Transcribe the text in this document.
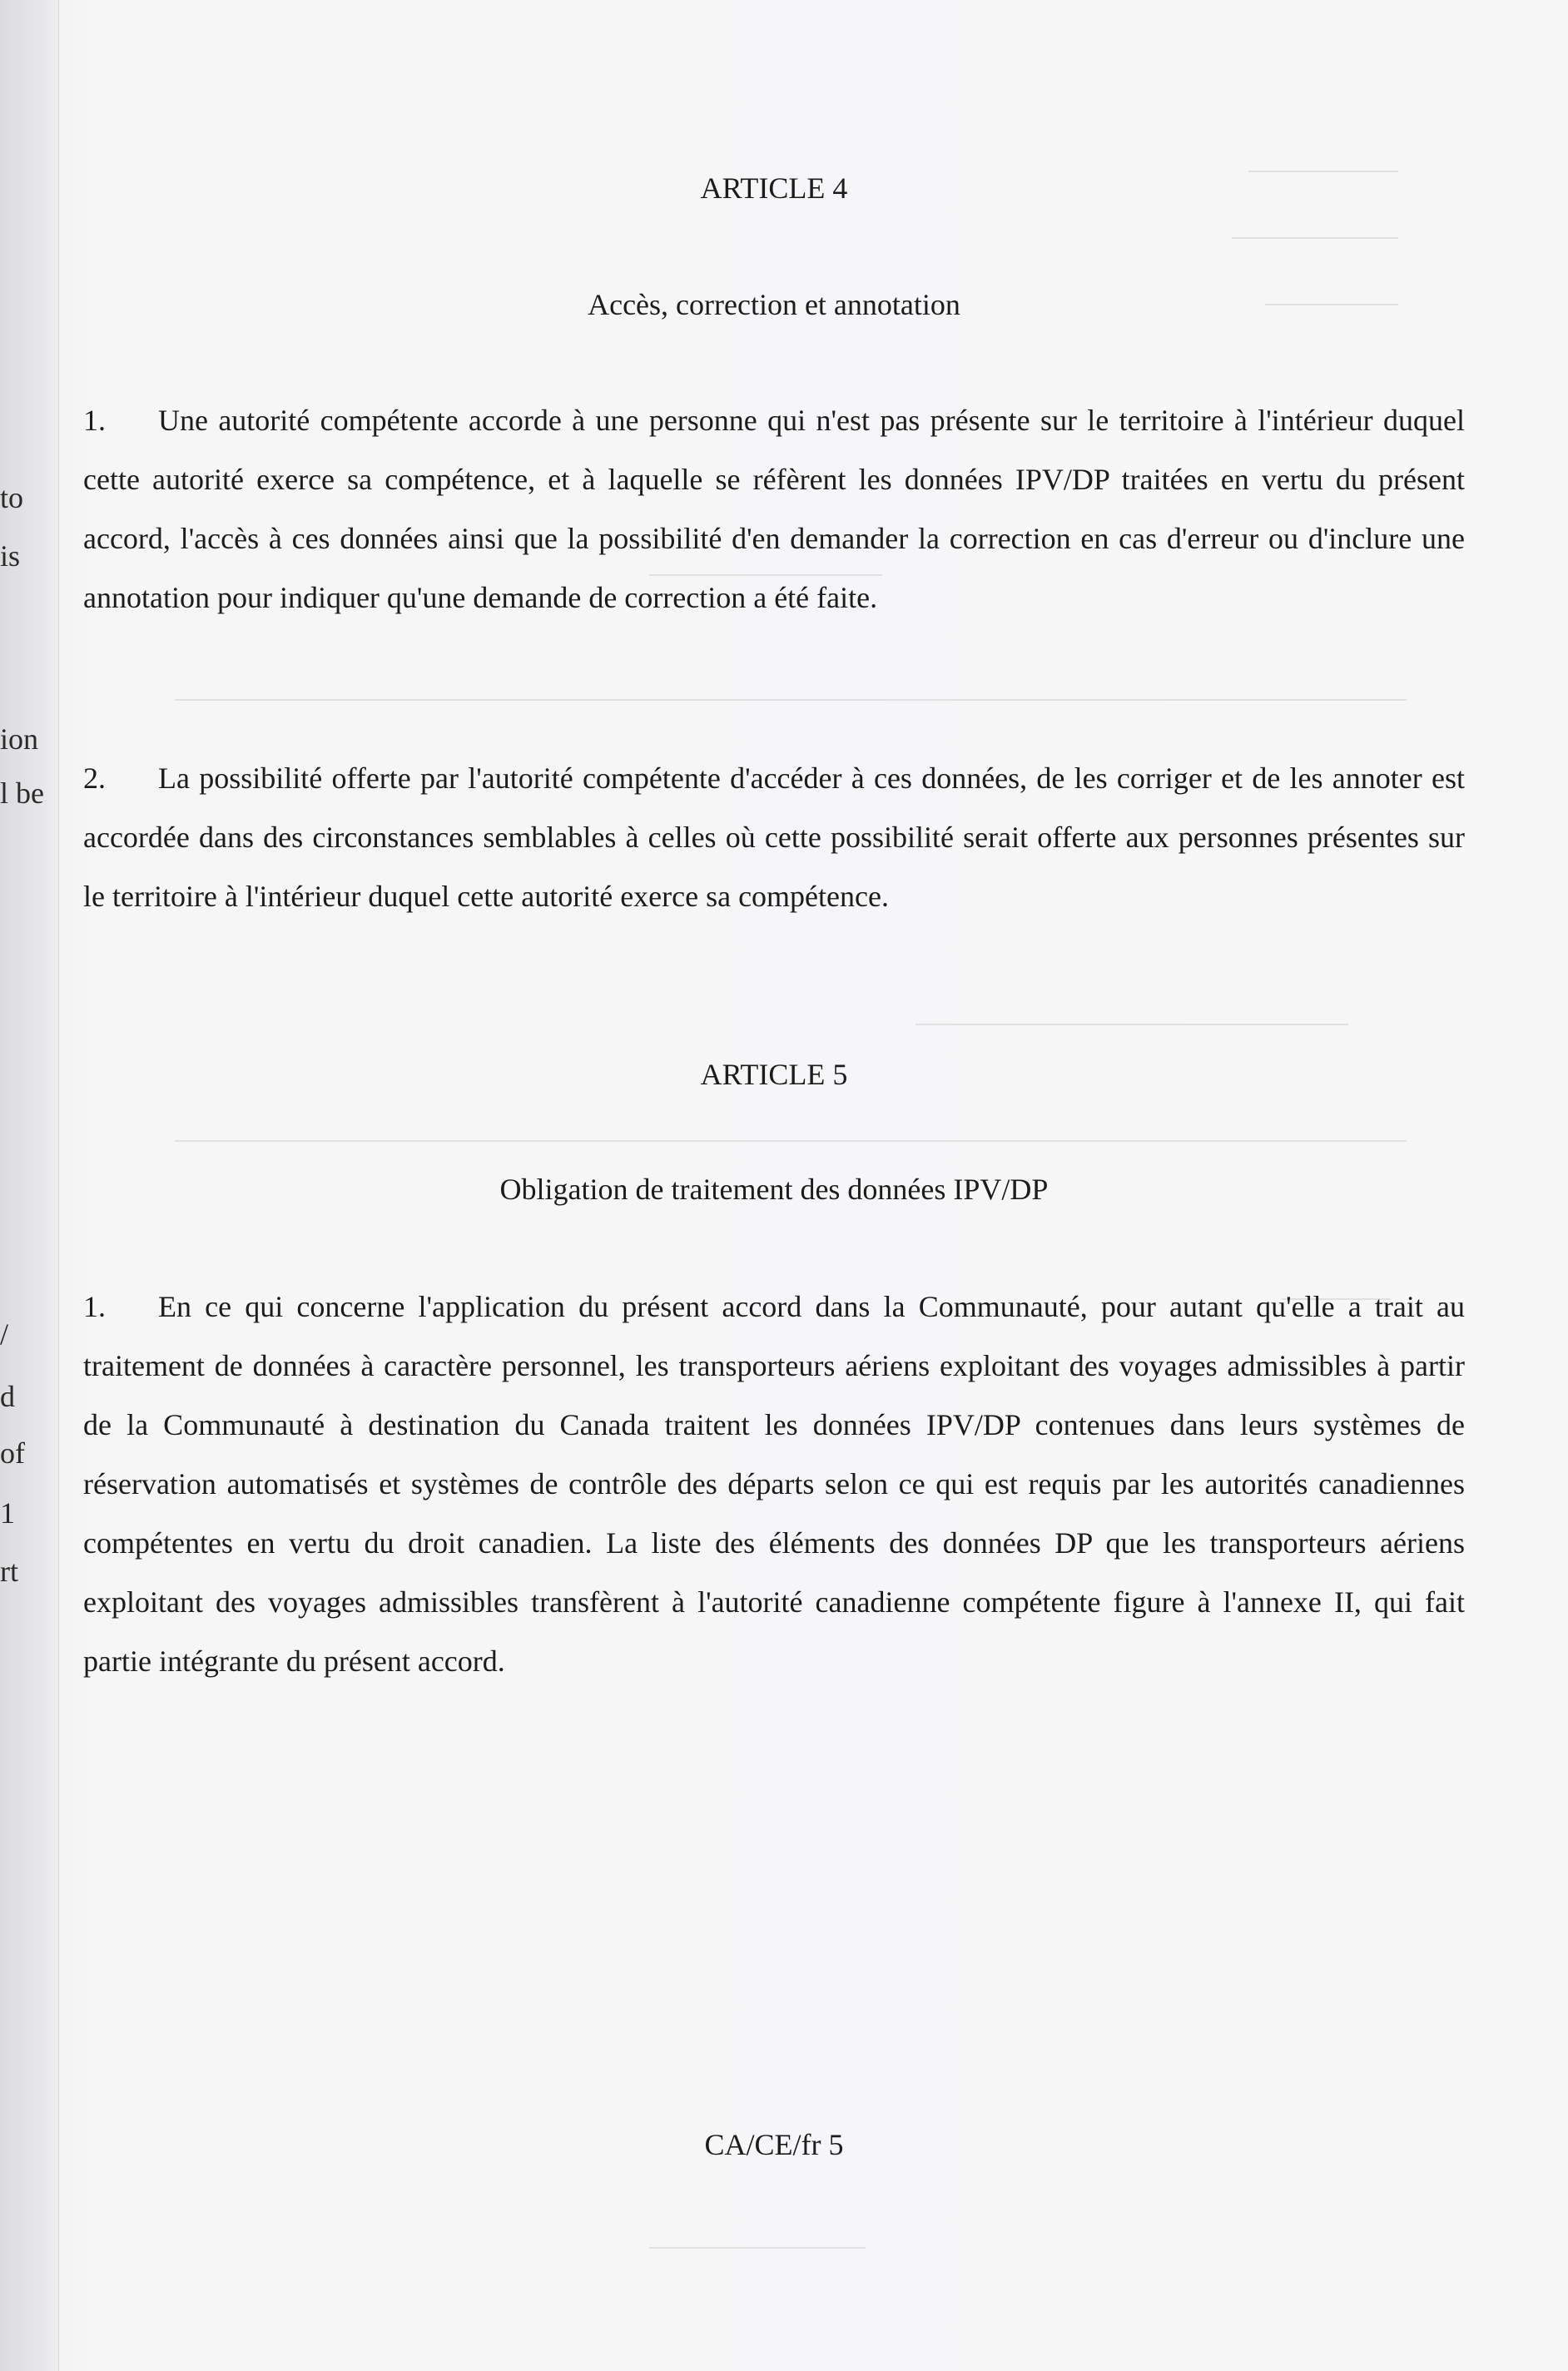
to
is
ion
l be
/
d
of
1
rt
ARTICLE 4
Accès, correction et annotation
1. Une autorité compétente accorde à une personne qui n'est pas présente sur le territoire à l'intérieur duquel cette autorité exerce sa compétence, et à laquelle se réfèrent les données IPV/DP traitées en vertu du présent accord, l'accès à ces données ainsi que la possibilité d'en demander la correction en cas d'erreur ou d'inclure une annotation pour indiquer qu'une demande de correction a été faite.
2. La possibilité offerte par l'autorité compétente d'accéder à ces données, de les corriger et de les annoter est accordée dans des circonstances semblables à celles où cette possibilité serait offerte aux personnes présentes sur le territoire à l'intérieur duquel cette autorité exerce sa compétence.
ARTICLE 5
Obligation de traitement des données IPV/DP
1. En ce qui concerne l'application du présent accord dans la Communauté, pour autant qu'elle a trait au traitement de données à caractère personnel, les transporteurs aériens exploitant des voyages admissibles à partir de la Communauté à destination du Canada traitent les données IPV/DP contenues dans leurs systèmes de réservation automatisés et systèmes de contrôle des départs selon ce qui est requis par les autorités canadiennes compétentes en vertu du droit canadien. La liste des éléments des données DP que les transporteurs aériens exploitant des voyages admissibles transfèrent à l'autorité canadienne compétente figure à l'annexe II, qui fait partie intégrante du présent accord.
CA/CE/fr 5
